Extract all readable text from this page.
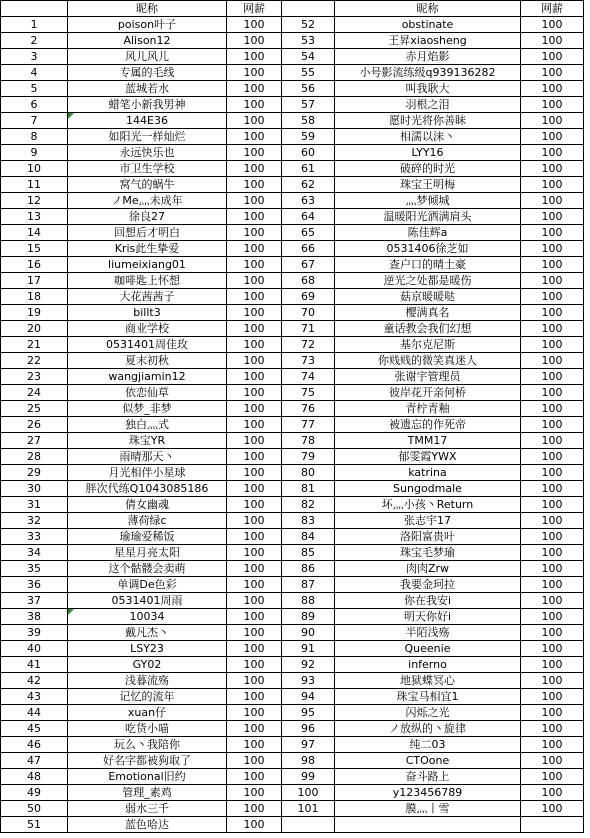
	昵称	网薪		昵称	网薪
1	poison叶子	100	52	obstinate	100
2	Alison12	100	53	王昇xiaosheng	100
3	风儿风儿	100	54	赤月焰影	100
4	专属的毛线	100	55	小号影流练级q939136282	100
5	蓝城若水	100	56	叫我耿大	100
6	蜡笔小新我男神	100	57	羽根之泪	100
7	144E36	100	58	愿时光将你善眛	100
8	如阳光一样灿烂	100	59	相濡以沫丶	100
9	永远快乐也	100	60	LYY16	100
10	市卫生学校	100	61	破碎的时光	100
11	窝气的蜗牛	100	62	珠宝王明梅	100
12	ノMe灬未成年	100	63	灬梦倾城	100
13	徐良27	100	64	温暖阳光洒满肩头	100
14	回想后才明白	100	65	陈佳辉a	100
15	Kris此生挚爱	100	66	0531406徐芝如	100
16	liumeixiang01	100	67	查户口的晴土豪	100
17	咖啡匙上怀想	100	68	逆光之处都是暖伤	100
18	大花茜茜子	100	69	菇京暖暖哒	100
19	billt3	100	70	樱满真名	100
20	商业学校	100	71	童话教会我们幻想	100
21	0531401周佳玫	100	72	基尔克尼斯	100
22	夏末初秋	100	73	你贱贱的微笑真迷人	100
23	wangjiamin12	100	74	张谢宇管理员	100
24	依恋仙草	100	75	彼岸花开亲何桥	100
25	似梦_非梦	100	76	青柠青釉	100
26	独白灬式	100	77	被遗忘的作死帝	100
27	珠宝YR	100	78	TMM17	100
28	雨晴那天丶	100	79	郁雯霞YWX	100
29	月光相伴小星球	100	80	katrina	100
30	胖次代练Q1043085186	100	81	Sungodmale	100
31	倩女幽魂	100	82	坏灬小孩丶Return	100
32	薄荷绿c	100	83	张志宇17	100
33	瑜瑜爱稀饭	100	84	洛阳富贵叶	100
34	星星月亮太阳	100	85	珠宝毛梦瑜	100
35	这个骷髅会卖萌	100	86	肉肉Zrw	100
36	单调De色彩	100	87	我要金珂拉	100
37	0531401周雨	100	88	你在我安i	100
38	10034	100	89	明天你好i	100
39	戴凡杰丶	100	90	半陌浅殇	100
40	LSY23	100	91	Queenie	100
41	GY02	100	92	inferno	100
42	浅暮流殇	100	93	地狱蝶冥心	100
43	记忆的流年	100	94	珠宝马相宜1	100
44	xuan仔	100	95	闪烁之光	100
45	吃货小喵	100	96	ノ放纵的丶旋律	100
46	玩么丶我陪你	100	97	纯二03	100
47	好名字都被狗取了	100	98	CTOone	100
48	Emotional旧约	100	99	奋斗路上	100
49	管理_素鸡	100	100	y123456789	100
50	弱水三千	100	101	膜灬丨雪	100
51	蓝色哈达	100			
